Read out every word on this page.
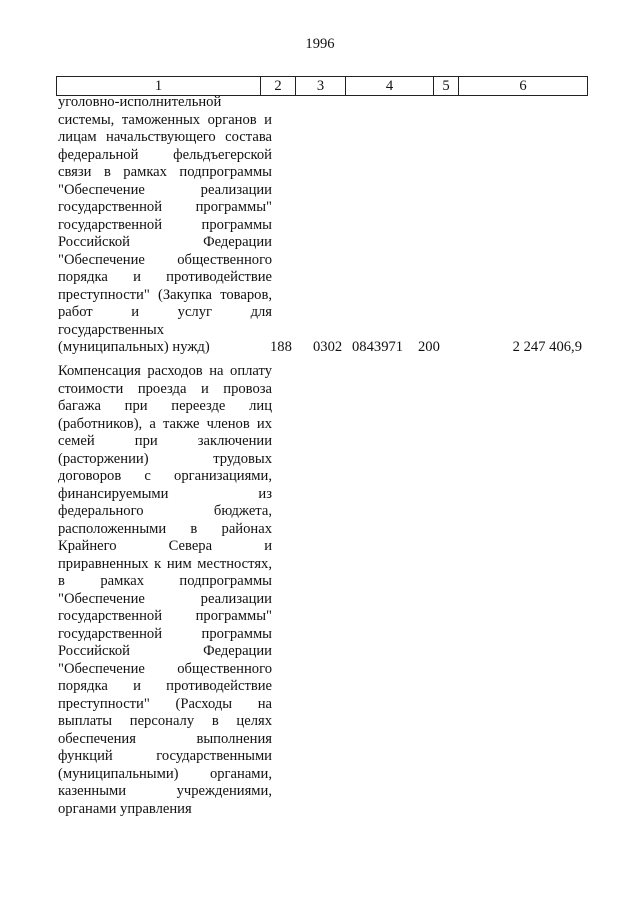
1996
1	2	3	4	5	6
уголовно-исполнительной
системы, таможенных органов и
лицам начальствующего состава
федеральной фельдъегерской
связи в рамках подпрограммы
"Обеспечение реализации
государственной программы"
государственной программы
Российской Федерации
"Обеспечение общественного
порядка и противодействие
преступности" (Закупка товаров,
работ и услуг для
государственных
(муниципальных) нужд)	188 0302 0843971 200	2 247 406,9
Компенсация расходов на оплату
стоимости проезда и провоза
багажа при переезде лиц
(работников), а также членов их
семей при заключении
(расторжении) трудовых
договоров с организациями,
финансируемыми из
федерального бюджета,
расположенными в районах
Крайнего Севера и
приравненных к ним местностях,
в рамках подпрограммы
"Обеспечение реализации
государственной программы"
государственной программы
Российской Федерации
"Обеспечение общественного
порядка и противодействие
преступности" (Расходы на
выплаты персоналу в целях
обеспечения выполнения
функций государственными
(муниципальными) органами,
казенными учреждениями,
органами управления
